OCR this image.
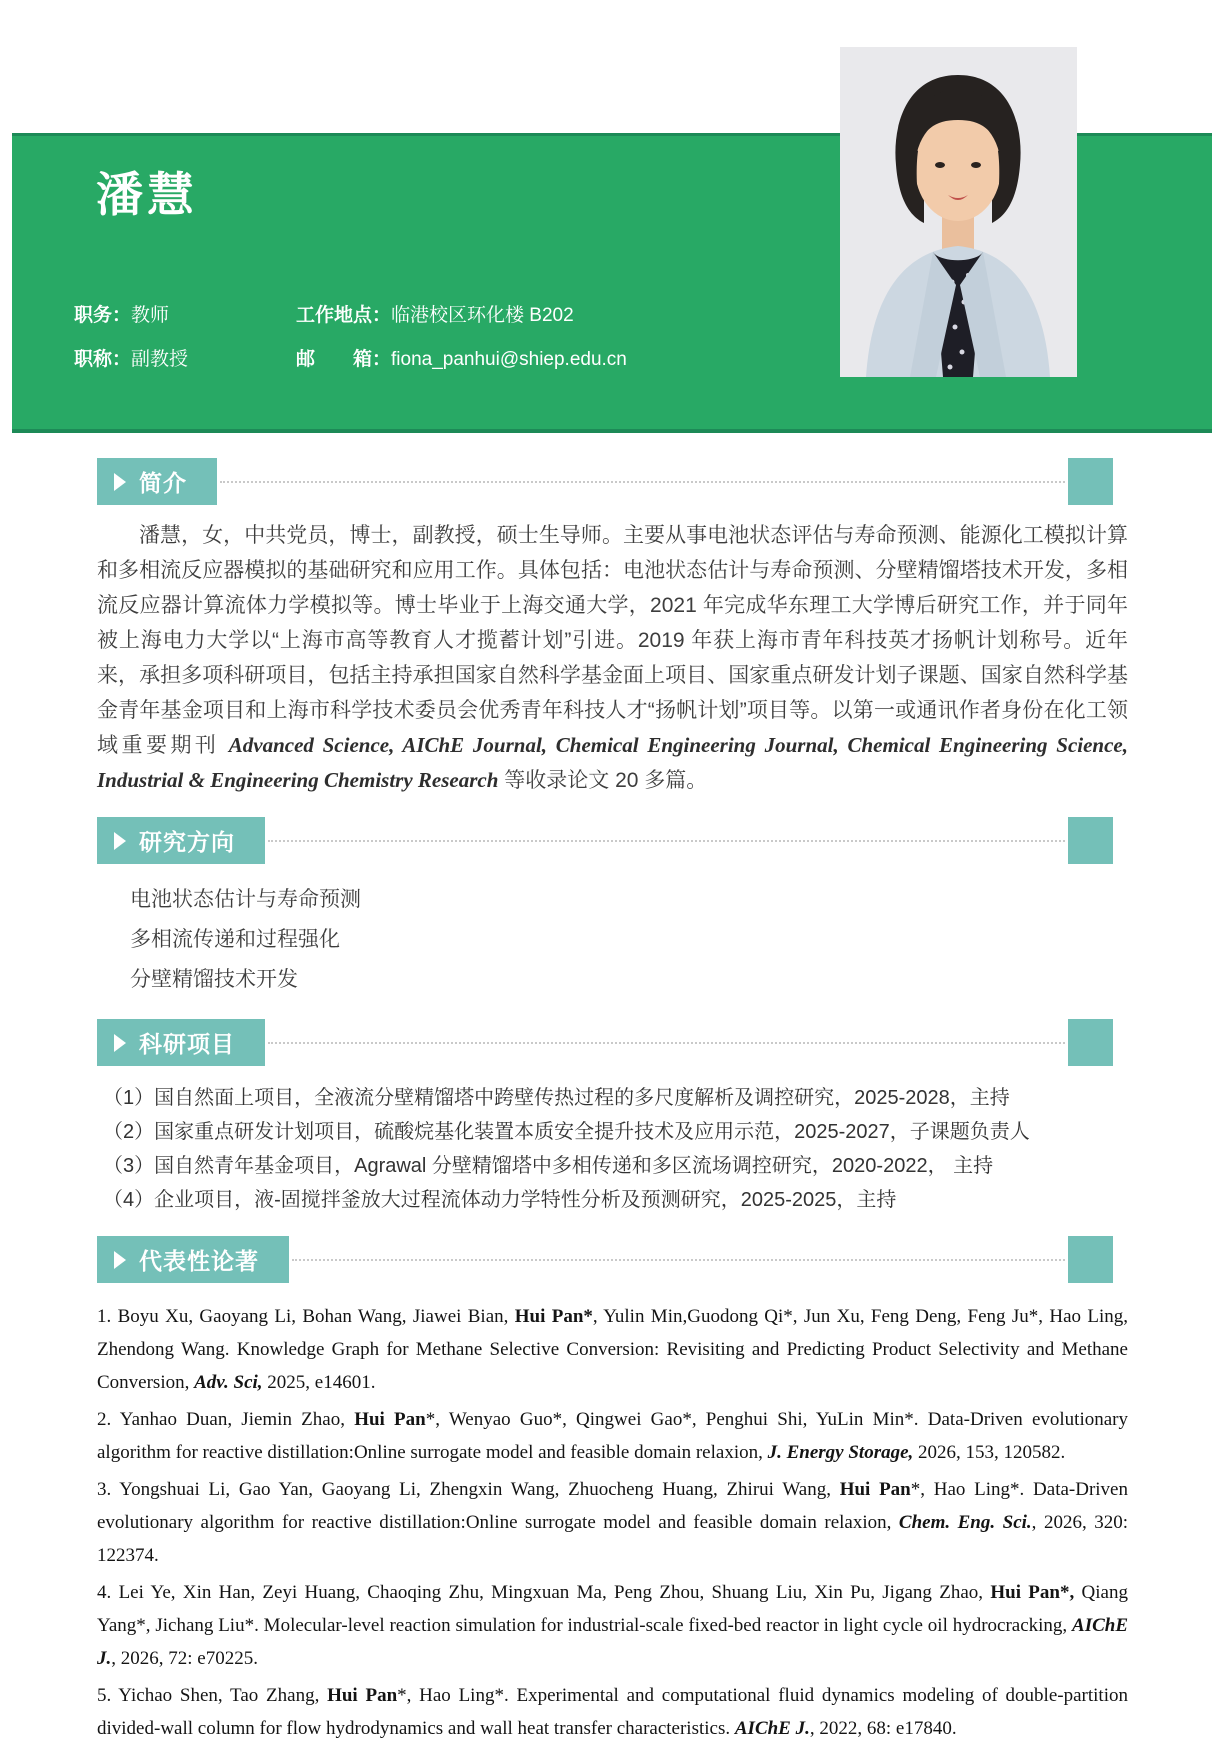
潘慧
职务：教师	工作地点：临港校区环化楼 B202
职称：副教授	邮　　箱：fiona_panhui@shiep.edu.cn
简介

潘慧，女，中共党员，博士，副教授，硕士生导师。主要从事电池状态评估与寿命预测、能源化工模拟计算和多相流反应器模拟的基础研究和应用工作。具体包括：电池状态估计与寿命预测、分壁精馏塔技术开发，多相流反应器计算流体力学模拟等。博士毕业于上海交通大学，2021 年完成华东理工大学博后研究工作，并于同年被上海电力大学以“上海市高等教育人才揽蓄计划”引进。2019 年获上海市青年科技英才扬帆计划称号。近年来，承担多项科研项目，包括主持承担国家自然科学基金面上项目、国家重点研发计划子课题、国家自然科学基金青年基金项目和上海市科学技术委员会优秀青年科技人才“扬帆计划”项目等。以第一或通讯作者身份在化工领域重要期刊 Advanced Science, AIChE Journal, Chemical Engineering Journal, Chemical Engineering Science, Industrial & Engineering Chemistry Research 等收录论文 20 多篇。

研究方向
电池状态估计与寿命预测
多相流传递和过程强化
分壁精馏技术开发
科研项目
（1）国自然面上项目，全液流分壁精馏塔中跨壁传热过程的多尺度解析及调控研究，2025-2028，主持
（2）国家重点研发计划项目，硫酸烷基化装置本质安全提升技术及应用示范，2025-2027，子课题负责人
（3）国自然青年基金项目，Agrawal 分壁精馏塔中多相传递和多区流场调控研究，2020-2022， 主持
（4）企业项目，液-固搅拌釜放大过程流体动力学特性分析及预测研究，2025-2025，主持
代表性论著

1. Boyu Xu, Gaoyang Li, Bohan Wang, Jiawei Bian, Hui Pan*, Yulin Min,Guodong Qi*, Jun Xu, Feng Deng, Feng Ju*, Hao Ling, Zhendong Wang. Knowledge Graph for Methane Selective Conversion: Revisiting and Predicting Product Selectivity and Methane Conversion, Adv. Sci, 2025, e14601.

2. Yanhao Duan, Jiemin Zhao, Hui Pan*, Wenyao Guo*, Qingwei Gao*, Penghui Shi, YuLin Min*. Data-Driven evolutionary algorithm for reactive distillation:Online surrogate model and feasible domain relaxion, J. Energy Storage, 2026, 153, 120582.

3. Yongshuai Li, Gao Yan, Gaoyang Li, Zhengxin Wang, Zhuocheng Huang, Zhirui Wang, Hui Pan*, Hao Ling*. Data-Driven evolutionary algorithm for reactive distillation:Online surrogate model and feasible domain relaxion, Chem. Eng. Sci., 2026, 320: 122374.

4. Lei Ye, Xin Han, Zeyi Huang, Chaoqing Zhu, Mingxuan Ma, Peng Zhou, Shuang Liu, Xin Pu, Jigang Zhao, Hui Pan*, Qiang Yang*, Jichang Liu*. Molecular-level reaction simulation for industrial-scale fixed-bed reactor in light cycle oil hydrocracking, AIChE J., 2026, 72: e70225.

5. Yichao Shen, Tao Zhang, Hui Pan*, Hao Ling*. Experimental and computational fluid dynamics modeling of double-partition divided-wall column for flow hydrodynamics and wall heat transfer characteristics. AIChE J., 2022, 68: e17840.
